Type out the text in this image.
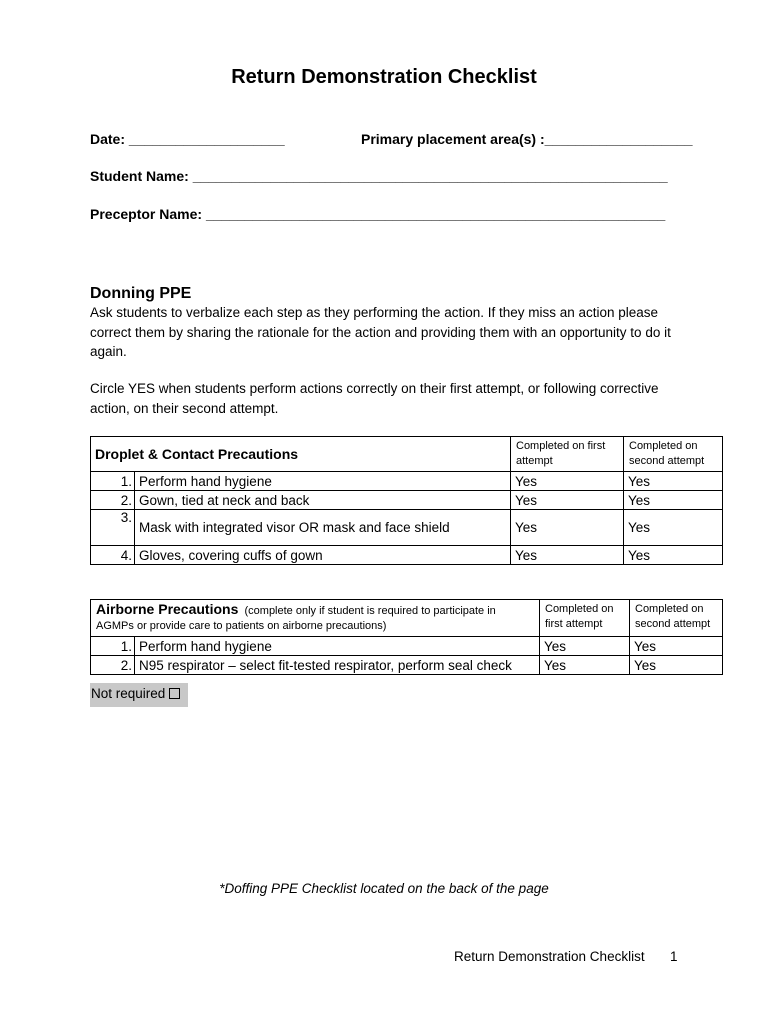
Return Demonstration Checklist
Date: ____________________	Primary placement area(s) :___________________
Student Name: _____________________________________________________________
Preceptor Name: ___________________________________________________________
Donning PPE
Ask students to verbalize each step as they performing the action. If they miss an action please correct them by sharing the rationale for the action and providing them with an opportunity to do it again.
Circle YES when students perform actions correctly on their first attempt, or following corrective action, on their second attempt.
Droplet & Contact Precautions		Completed on first attempt	Completed on second attempt
1.	Perform hand hygiene	Yes	Yes
2.	Gown, tied at neck and back	Yes	Yes
3.	Mask with integrated visor OR mask and face shield	Yes	Yes
4.	Gloves, covering cuffs of gown	Yes	Yes
Airborne Precautions (complete only if student is required to participate in AGMPs or provide care to patients on airborne precautions)		Completed on first attempt	Completed on second attempt
1.	Perform hand hygiene	Yes	Yes
2.	N95 respirator – select fit-tested respirator, perform seal check	Yes	Yes
Not required
*Doffing PPE Checklist located on the back of the page
Return Demonstration Checklist 1
